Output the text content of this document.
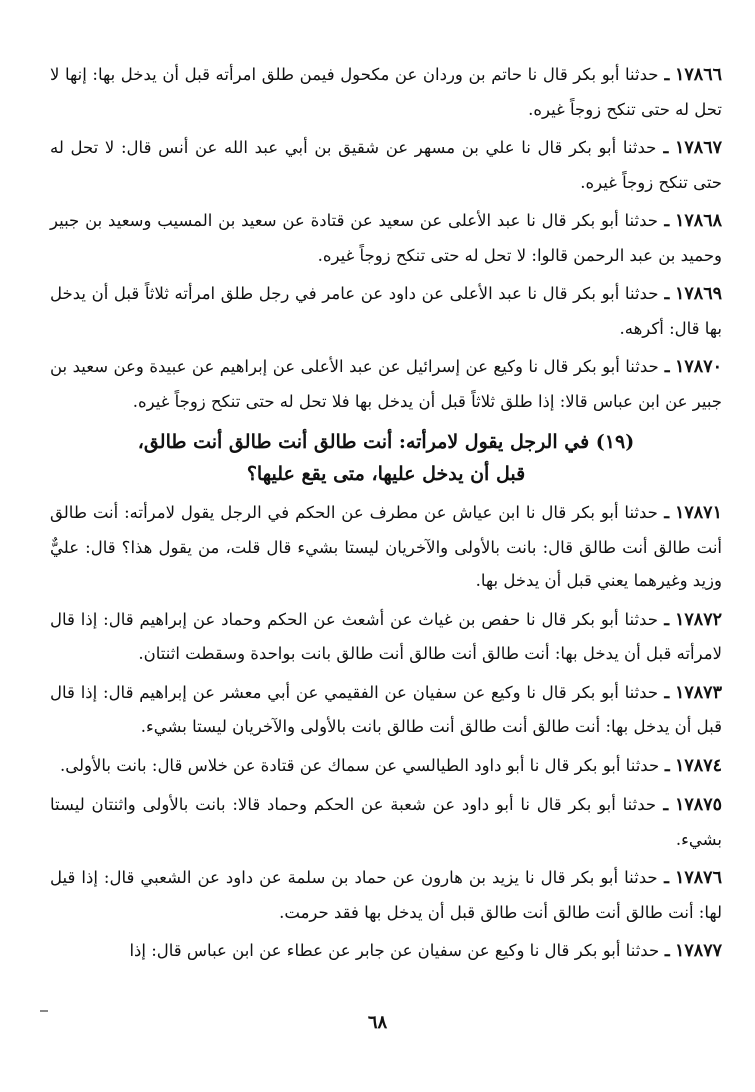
١٧٨٦٦ ـ حدثنا أبو بكر قال نا حاتم بن وردان عن مكحول فيمن طلق امرأته قبل أن يدخل بها: إنها لا تحل له حتى تنكح زوجاً غيره.

١٧٨٦٧ ـ حدثنا أبو بكر قال نا علي بن مسهر عن شقيق بن أبي عبد الله عن أنس قال: لا تحل له حتى تنكح زوجاً غيره.

١٧٨٦٨ ـ حدثنا أبو بكر قال نا عبد الأعلى عن سعيد عن قتادة عن سعيد بن المسيب وسعيد بن جبير وحميد بن عبد الرحمن قالوا: لا تحل له حتى تنكح زوجاً غيره.

١٧٨٦٩ ـ حدثنا أبو بكر قال نا عبد الأعلى عن داود عن عامر في رجل طلق امرأته ثلاثاً قبل أن يدخل بها قال: أكرهه.

١٧٨٧٠ ـ حدثنا أبو بكر قال نا وكيع عن إسرائيل عن عبد الأعلى عن إبراهيم عن عبيدة وعن سعيد بن جبير عن ابن عباس قالا: إذا طلق ثلاثاً قبل أن يدخل بها فلا تحل له حتى تنكح زوجاً غيره.

(١٩) في الرجل يقول لامرأته: أنت طالق أنت طالق أنت طالق،
قبل أن يدخل عليها، متى يقع عليها؟

١٧٨٧١ ـ حدثنا أبو بكر قال نا ابن عياش عن مطرف عن الحكم في الرجل يقول لامرأته: أنت طالق أنت طالق أنت طالق قال: بانت بالأولى والآخريان ليستا بشيء قال قلت، من يقول هذا؟ قال: عليٌّ وزيد وغيرهما يعني قبل أن يدخل بها.

١٧٨٧٢ ـ حدثنا أبو بكر قال نا حفص بن غياث عن أشعث عن الحكم وحماد عن إبراهيم قال: إذا قال لامرأته قبل أن يدخل بها: أنت طالق أنت طالق أنت طالق بانت بواحدة وسقطت اثنتان.

١٧٨٧٣ ـ حدثنا أبو بكر قال نا وكيع عن سفيان عن الفقيمي عن أبي معشر عن إبراهيم قال: إذا قال قبل أن يدخل بها: أنت طالق أنت طالق أنت طالق بانت بالأولى والآخريان ليستا بشيء.

١٧٨٧٤ ـ حدثنا أبو بكر قال نا أبو داود الطيالسي عن سماك عن قتادة عن خلاس قال: بانت بالأولى.

١٧٨٧٥ ـ حدثنا أبو بكر قال نا أبو داود عن شعبة عن الحكم وحماد قالا: بانت بالأولى واثنتان ليستا بشيء.

١٧٨٧٦ ـ حدثنا أبو بكر قال نا يزيد بن هارون عن حماد بن سلمة عن داود عن الشعبي قال: إذا قيل لها: أنت طالق أنت طالق أنت طالق قبل أن يدخل بها فقد حرمت.

١٧٨٧٧ ـ حدثنا أبو بكر قال نا وكيع عن سفيان عن جابر عن عطاء عن ابن عباس قال: إذا

٦٨
